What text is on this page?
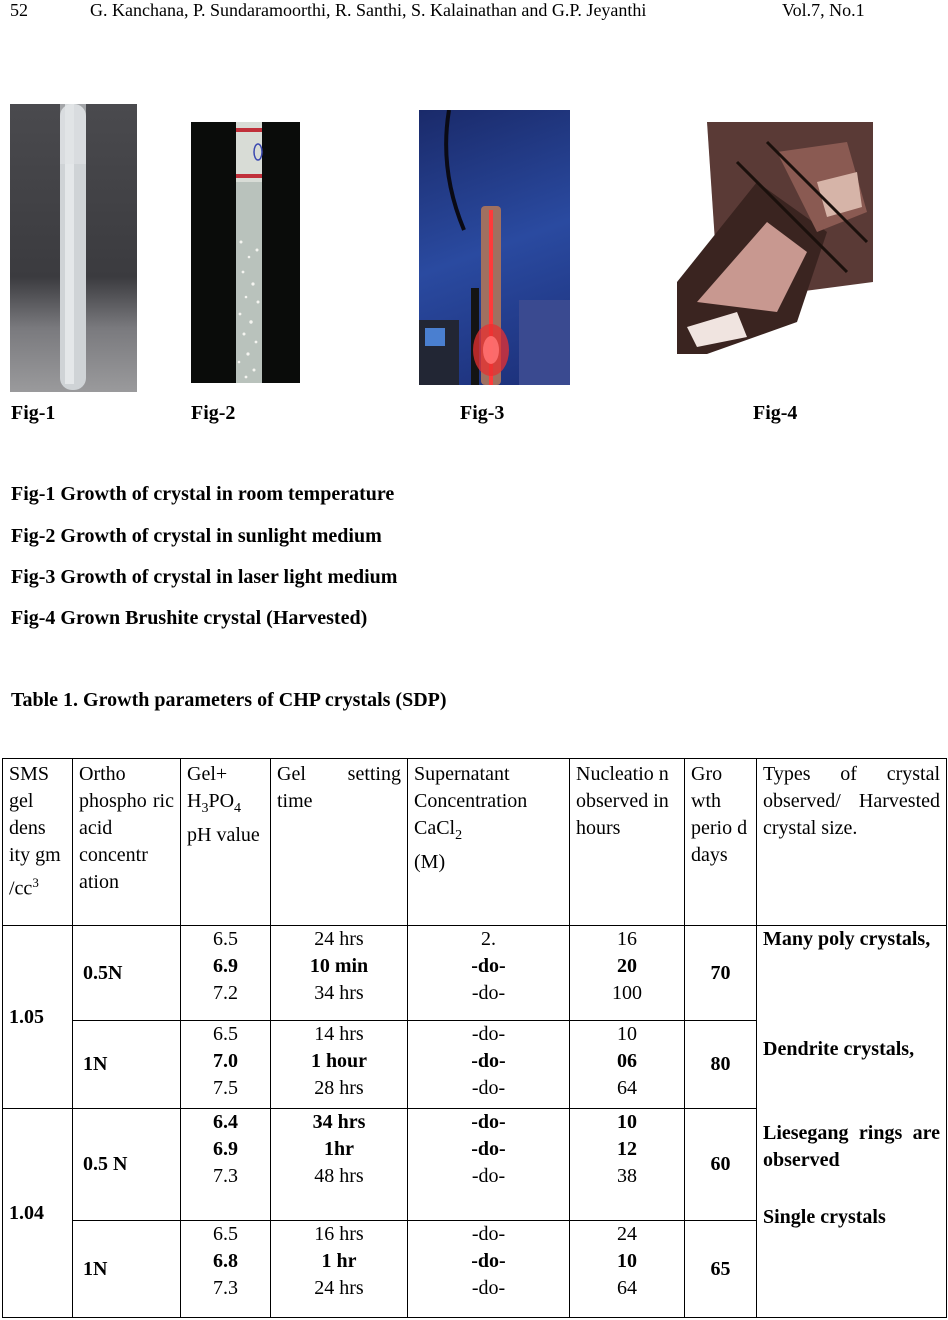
52	G. Kanchana, P. Sundaramoorthi, R. Santhi, S. Kalainathan and G.P. Jeyanthi	Vol.7, No.1
Fig-1	Fig-2	Fig-3	Fig-4
Fig-1 Growth of crystal in room temperature
Fig-2 Growth of crystal in sunlight medium
Fig-3 Growth of crystal in laser light medium
Fig-4 Grown Brushite crystal (Harvested)
Table 1. Growth parameters of CHP crystals (SDP)
SMS gel dens ity gm $/cc^3$	Ortho phospho ric acid concentr ation	Gel+
$H_3PO_4$
pH value	Gel setting time	Supernatant Concentration
CaCl$_2$
(M)	Nucleatio n observed in hours	Gro wth perio d days	Types of crystal observed/ Harvested crystal size.
1.05	0.5N	6.5
6.9
7.2	24 hrs
10 min
34 hrs	2.
-do-
-do-	16
20
100	70	Many poly crystals,
Dendrite crystals,
Liesegang rings are observed
Single crystals

	1N	6.5
7.0
7.5	14 hrs
1 hour
28 hrs	-do-
-do-
-do-	10
06
64	80	
1.04	0.5 N	6.4
6.9
7.3	34 hrs
1hr
48 hrs	-do-
-do-
-do-	10
12
38	60	
	1N	6.5
6.8
7.3	16 hrs
1 hr
24 hrs	-do-
-do-
-do-	24
10
64	65	
